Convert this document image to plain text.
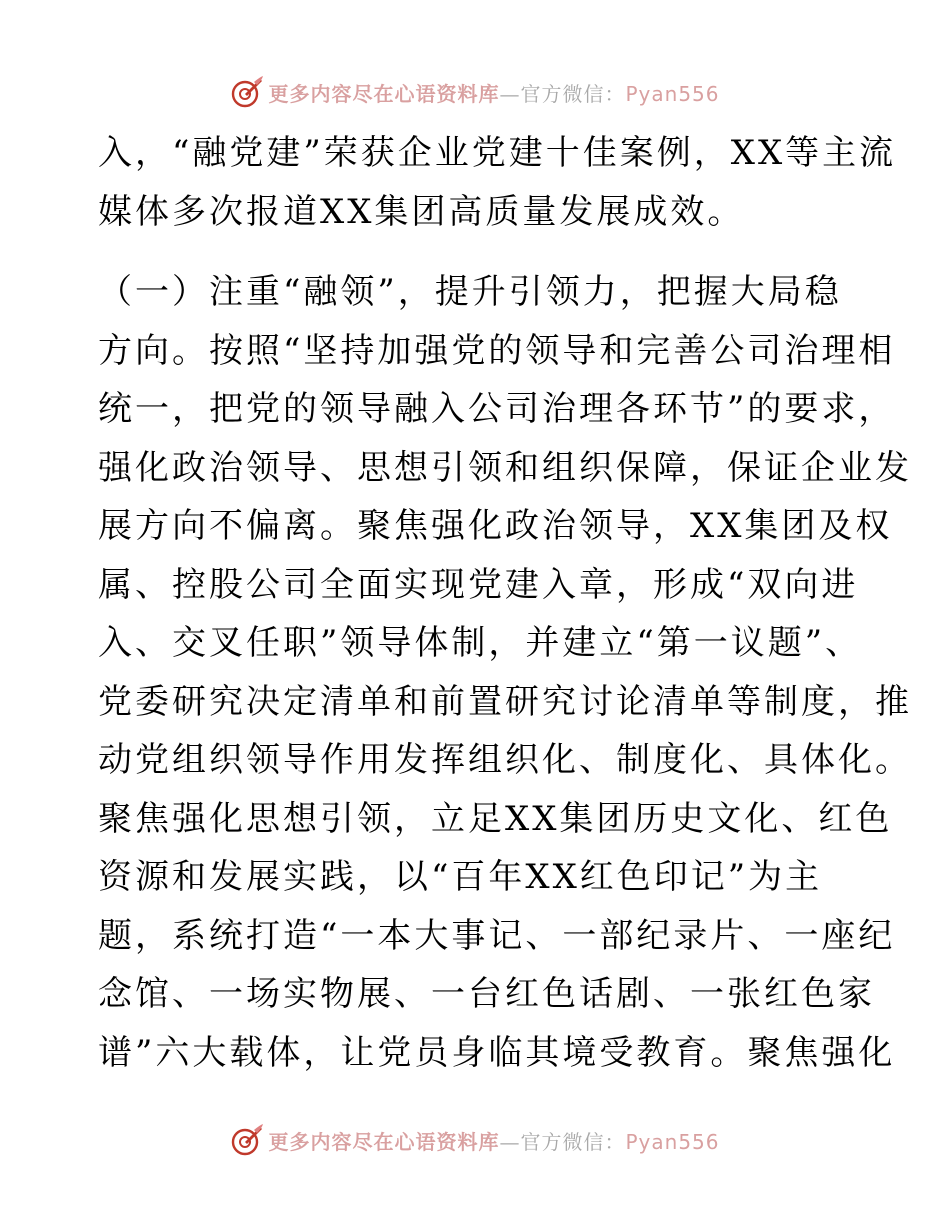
更多内容尽在心语资料库—官方微信：Pyan556
入，“融党建”荣获企业党建十佳案例，XX等主流
媒体多次报道XX集团高质量发展成效。
（一）注重“融领”，提升引领力，把握大局稳
方向。按照“坚持加强党的领导和完善公司治理相
统一，把党的领导融入公司治理各环节”的要求，
强化政治领导、思想引领和组织保障，保证企业发
展方向不偏离。聚焦强化政治领导，XX集团及权
属、控股公司全面实现党建入章，形成“双向进
入、交叉任职”领导体制，并建立“第一议题”、
党委研究决定清单和前置研究讨论清单等制度，推
动党组织领导作用发挥组织化、制度化、具体化。
聚焦强化思想引领，立足XX集团历史文化、红色
资源和发展实践，以“百年XX红色印记”为主
题，系统打造“一本大事记、一部纪录片、一座纪
念馆、一场实物展、一台红色话剧、一张红色家
谱”六大载体，让党员身临其境受教育。聚焦强化
更多内容尽在心语资料库—官方微信：Pyan556
